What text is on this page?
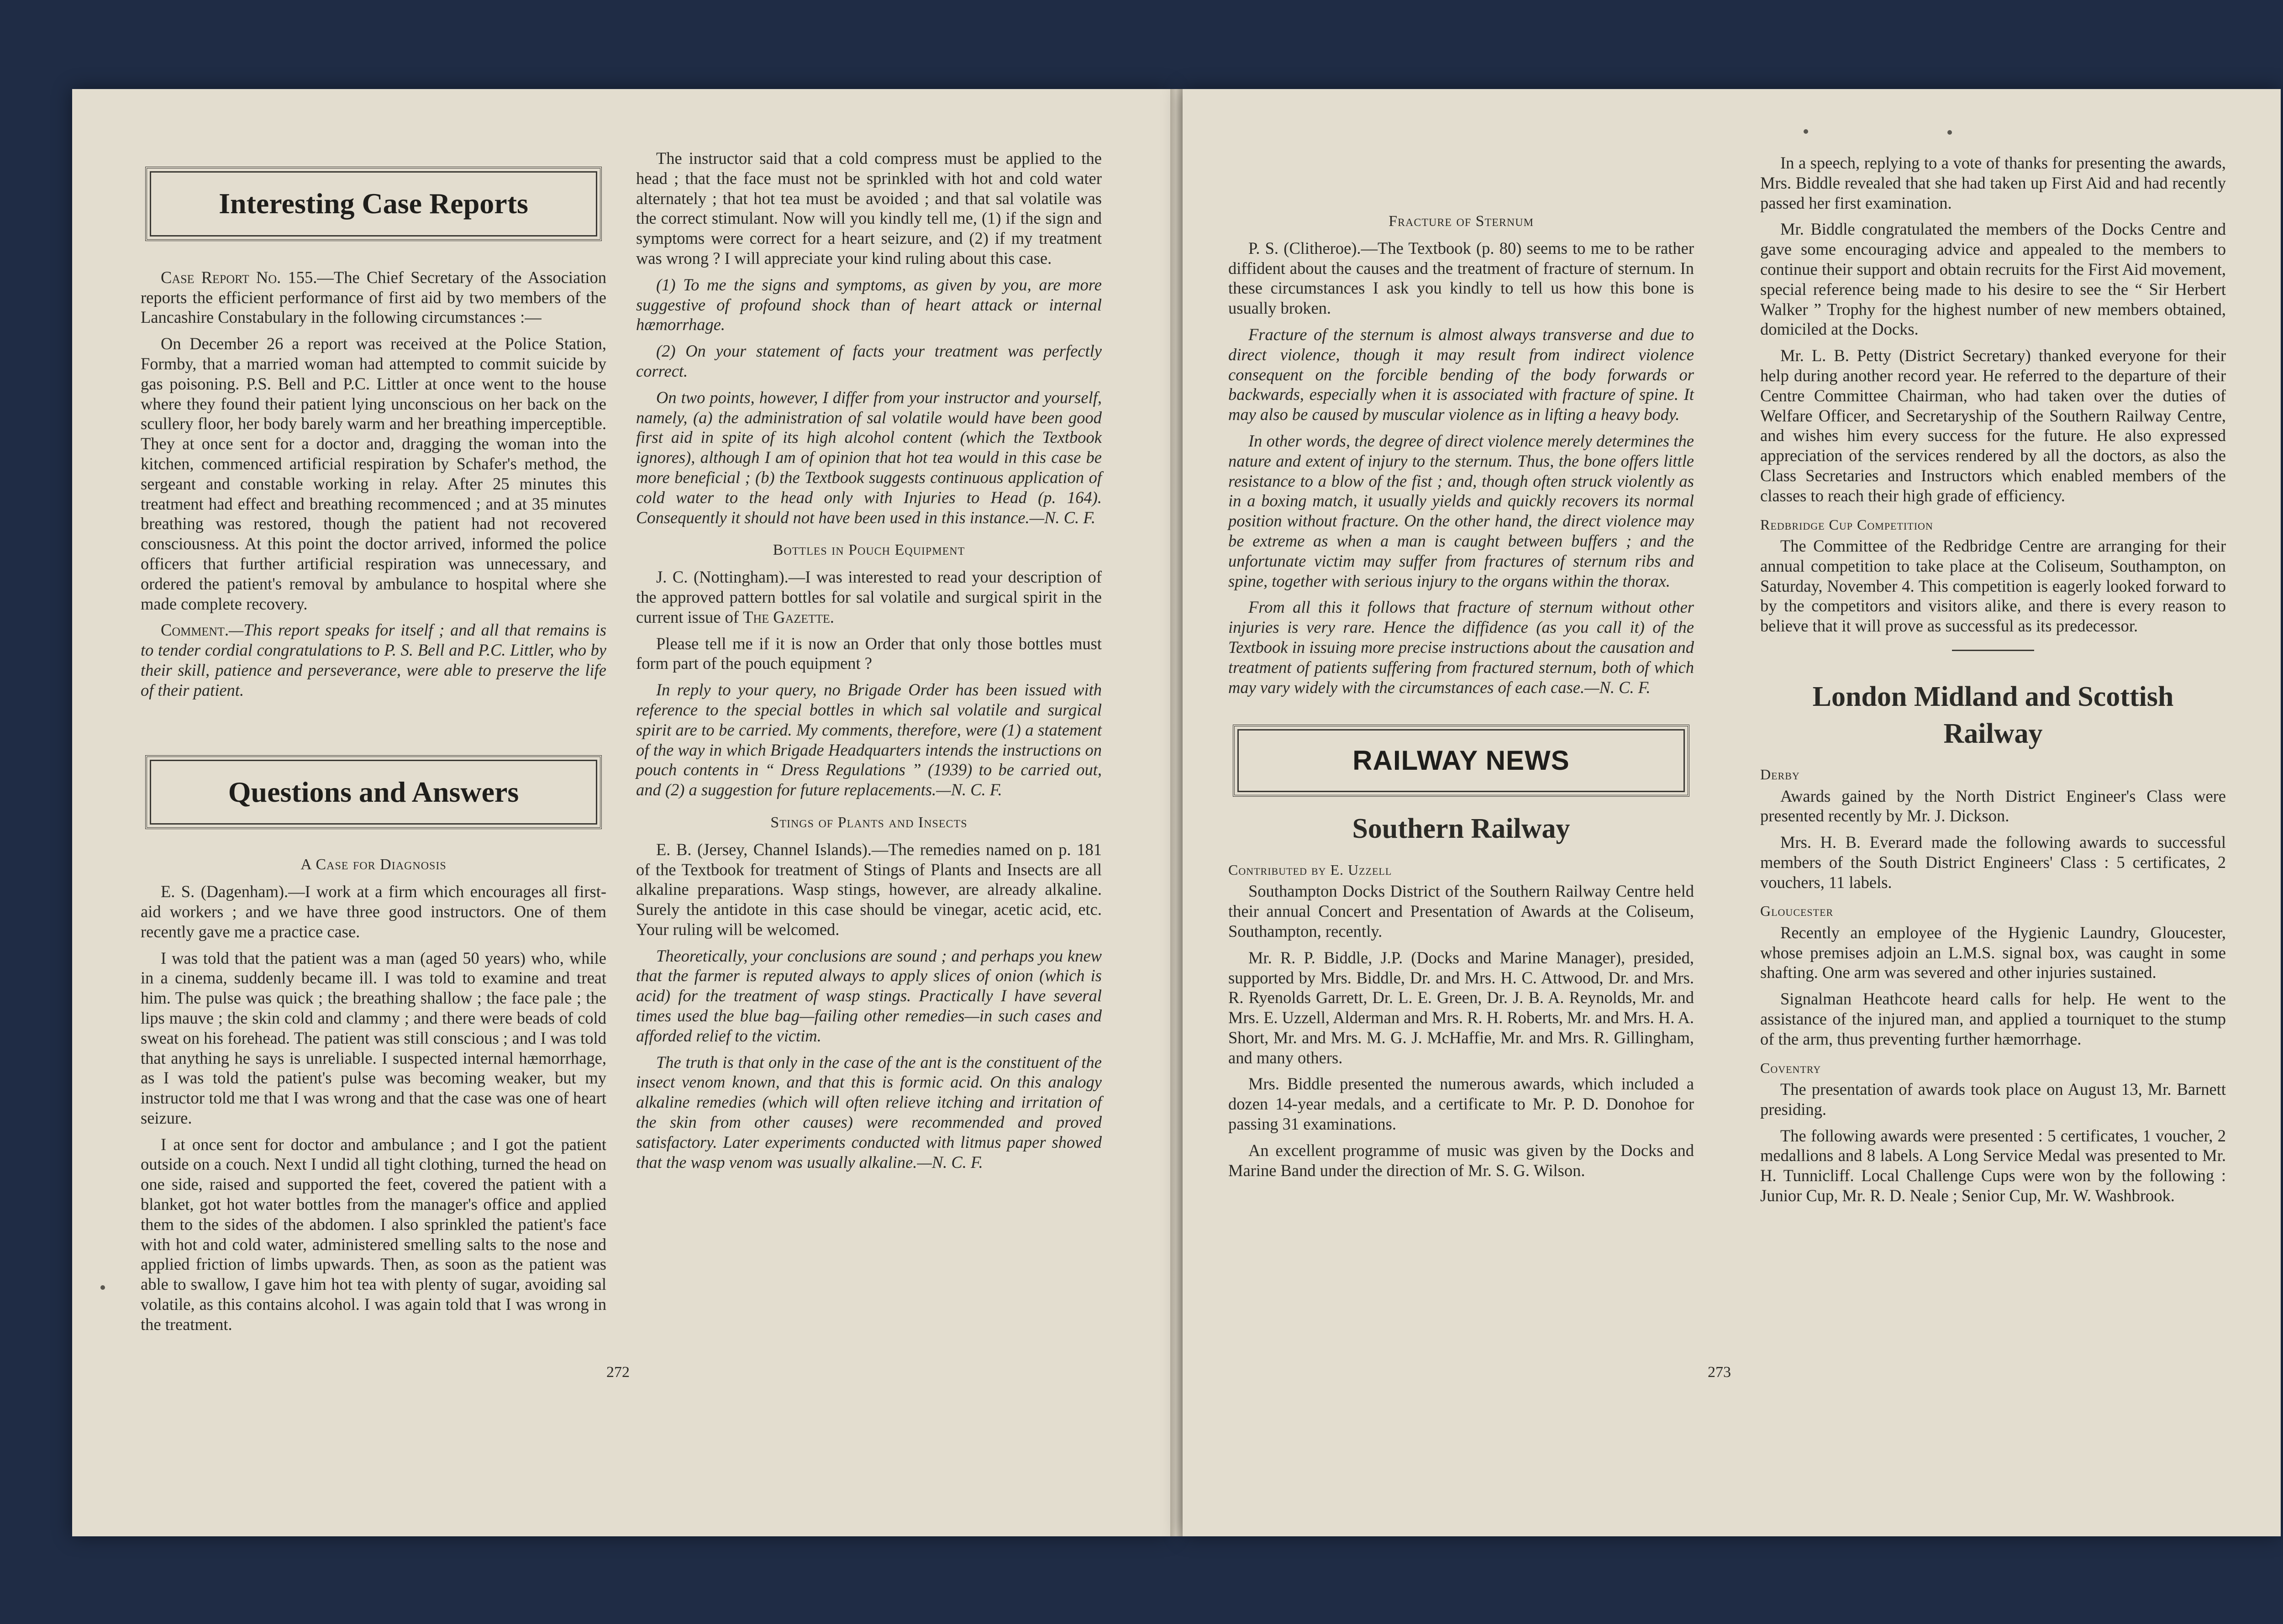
Interesting Case Reports

Case Report No. 155.—The Chief Secretary of the Association reports the efficient performance of first aid by two members of the Lancashire Constabulary in the following circumstances :—

On December 26 a report was received at the Police Station, Formby, that a married woman had attempted to commit suicide by gas poisoning. P.S. Bell and P.C. Littler at once went to the house where they found their patient lying unconscious on her back on the scullery floor, her body barely warm and her breathing imperceptible. They at once sent for a doctor and, dragging the woman into the kitchen, commenced artificial respiration by Schafer's method, the sergeant and constable working in relay. After 25 minutes this treatment had effect and breathing recommenced ; and at 35 minutes breathing was restored, though the patient had not recovered consciousness. At this point the doctor arrived, informed the police officers that further artificial respiration was unnecessary, and ordered the patient's removal by ambulance to hospital where she made complete recovery.

Comment.—This report speaks for itself ; and all that remains is to tender cordial congratulations to P. S. Bell and P.C. Littler, who by their skill, patience and perseverance, were able to preserve the life of their patient.

Questions and Answers
A Case for Diagnosis

E. S. (Dagenham).—I work at a firm which encourages all first-aid workers ; and we have three good instructors. One of them recently gave me a practice case.

I was told that the patient was a man (aged 50 years) who, while in a cinema, suddenly became ill. I was told to examine and treat him. The pulse was quick ; the breathing shallow ; the face pale ; the lips mauve ; the skin cold and clammy ; and there were beads of cold sweat on his forehead. The patient was still conscious ; and I was told that anything he says is unreliable. I suspected internal hæmorrhage, as I was told the patient's pulse was becoming weaker, but my instructor told me that I was wrong and that the case was one of heart seizure.

I at once sent for doctor and ambulance ; and I got the patient outside on a couch. Next I undid all tight clothing, turned the head on one side, raised and supported the feet, covered the patient with a blanket, got hot water bottles from the manager's office and applied them to the sides of the abdomen. I also sprinkled the patient's face with hot and cold water, administered smelling salts to the nose and applied friction of limbs upwards. Then, as soon as the patient was able to swallow, I gave him hot tea with plenty of sugar, avoiding sal volatile, as this contains alcohol. I was again told that I was wrong in the treatment.

The instructor said that a cold compress must be applied to the head ; that the face must not be sprinkled with hot and cold water alternately ; that hot tea must be avoided ; and that sal volatile was the correct stimulant. Now will you kindly tell me, (1) if the sign and symptoms were correct for a heart seizure, and (2) if my treatment was wrong ? I will appreciate your kind ruling about this case.

(1) To me the signs and symptoms, as given by you, are more suggestive of profound shock than of heart attack or internal hæmorrhage.

(2) On your statement of facts your treatment was perfectly correct.

On two points, however, I differ from your instructor and yourself, namely, (a) the administration of sal volatile would have been good first aid in spite of its high alcohol content (which the Textbook ignores), although I am of opinion that hot tea would in this case be more beneficial ; (b) the Textbook suggests continuous application of cold water to the head only with Injuries to Head (p. 164). Consequently it should not have been used in this instance.—N. C. F.

Bottles in Pouch Equipment

J. C. (Nottingham).—I was interested to read your description of the approved pattern bottles for sal volatile and surgical spirit in the current issue of The Gazette.

Please tell me if it is now an Order that only those bottles must form part of the pouch equipment ?

In reply to your query, no Brigade Order has been issued with reference to the special bottles in which sal volatile and surgical spirit are to be carried. My comments, therefore, were (1) a statement of the way in which Brigade Headquarters intends the instructions on pouch contents in “ Dress Regulations ” (1939) to be carried out, and (2) a suggestion for future replacements.—N. C. F.

Stings of Plants and Insects

E. B. (Jersey, Channel Islands).—The remedies named on p. 181 of the Textbook for treatment of Stings of Plants and Insects are all alkaline preparations. Wasp stings, however, are already alkaline. Surely the antidote in this case should be vinegar, acetic acid, etc. Your ruling will be welcomed.

Theoretically, your conclusions are sound ; and perhaps you knew that the farmer is reputed always to apply slices of onion (which is acid) for the treatment of wasp stings. Practically I have several times used the blue bag—failing other remedies—in such cases and afforded relief to the victim.

The truth is that only in the case of the ant is the constituent of the insect venom known, and that this is formic acid. On this analogy alkaline remedies (which will often relieve itching and irritation of the skin from other causes) were recommended and proved satisfactory. Later experiments conducted with litmus paper showed that the wasp venom was usually alkaline.—N. C. F.

272
Fracture of Sternum

P. S. (Clitheroe).—The Textbook (p. 80) seems to me to be rather diffident about the causes and the treatment of fracture of sternum. In these circumstances I ask you kindly to tell us how this bone is usually broken.

Fracture of the sternum is almost always transverse and due to direct violence, though it may result from indirect violence consequent on the forcible bending of the body forwards or backwards, especially when it is associated with fracture of spine. It may also be caused by muscular violence as in lifting a heavy body.

In other words, the degree of direct violence merely determines the nature and extent of injury to the sternum. Thus, the bone offers little resistance to a blow of the fist ; and, though often struck violently as in a boxing match, it usually yields and quickly recovers its normal position without fracture. On the other hand, the direct violence may be extreme as when a man is caught between buffers ; and the unfortunate victim may suffer from fractures of sternum ribs and spine, together with serious injury to the organs within the thorax.

From all this it follows that fracture of sternum without other injuries is very rare. Hence the diffidence (as you call it) of the Textbook in issuing more precise instructions about the causation and treatment of patients suffering from fractured sternum, both of which may vary widely with the circumstances of each case.—N. C. F.

RAILWAY NEWS
Southern Railway
Contributed by E. Uzzell

Southampton Docks District of the Southern Railway Centre held their annual Concert and Presentation of Awards at the Coliseum, Southampton, recently.

Mr. R. P. Biddle, J.P. (Docks and Marine Manager), presided, supported by Mrs. Biddle, Dr. and Mrs. H. C. Attwood, Dr. and Mrs. R. Ryenolds Garrett, Dr. L. E. Green, Dr. J. B. A. Reynolds, Mr. and Mrs. E. Uzzell, Alderman and Mrs. R. H. Roberts, Mr. and Mrs. H. A. Short, Mr. and Mrs. M. G. J. McHaffie, Mr. and Mrs. R. Gillingham, and many others.

Mrs. Biddle presented the numerous awards, which included a dozen 14-year medals, and a certificate to Mr. P. D. Donohoe for passing 31 examinations.

An excellent programme of music was given by the Docks and Marine Band under the direction of Mr. S. G. Wilson.

In a speech, replying to a vote of thanks for presenting the awards, Mrs. Biddle revealed that she had taken up First Aid and had recently passed her first examination.

Mr. Biddle congratulated the members of the Docks Centre and gave some encouraging advice and appealed to the members to continue their support and obtain recruits for the First Aid movement, special reference being made to his desire to see the “ Sir Herbert Walker ” Trophy for the highest number of new members obtained, domiciled at the Docks.

Mr. L. B. Petty (District Secretary) thanked everyone for their help during another record year. He referred to the departure of their Centre Committee Chairman, who had taken over the duties of Welfare Officer, and Secretaryship of the Southern Railway Centre, and wishes him every success for the future. He also expressed appreciation of the services rendered by all the doctors, as also the Class Secretaries and Instructors which enabled members of the classes to reach their high grade of efficiency.

Redbridge Cup Competition

The Committee of the Redbridge Centre are arranging for their annual competition to take place at the Coliseum, Southampton, on Saturday, November 4. This competition is eagerly looked forward to by the competitors and visitors alike, and there is every reason to believe that it will prove as successful as its predecessor.

London Midland and Scottish Railway
Derby

Awards gained by the North District Engineer's Class were presented recently by Mr. J. Dickson.

Mrs. H. B. Everard made the following awards to successful members of the South District Engineers' Class : 5 certificates, 2 vouchers, 11 labels.

Gloucester

Recently an employee of the Hygienic Laundry, Gloucester, whose premises adjoin an L.M.S. signal box, was caught in some shafting. One arm was severed and other injuries sustained.

Signalman Heathcote heard calls for help. He went to the assistance of the injured man, and applied a tourniquet to the stump of the arm, thus preventing further hæmorrhage.

Coventry

The presentation of awards took place on August 13, Mr. Barnett presiding.

The following awards were presented : 5 certificates, 1 voucher, 2 medallions and 8 labels. A Long Service Medal was presented to Mr. H. Tunnicliff. Local Challenge Cups were won by the following : Junior Cup, Mr. R. D. Neale ; Senior Cup, Mr. W. Washbrook.

273
